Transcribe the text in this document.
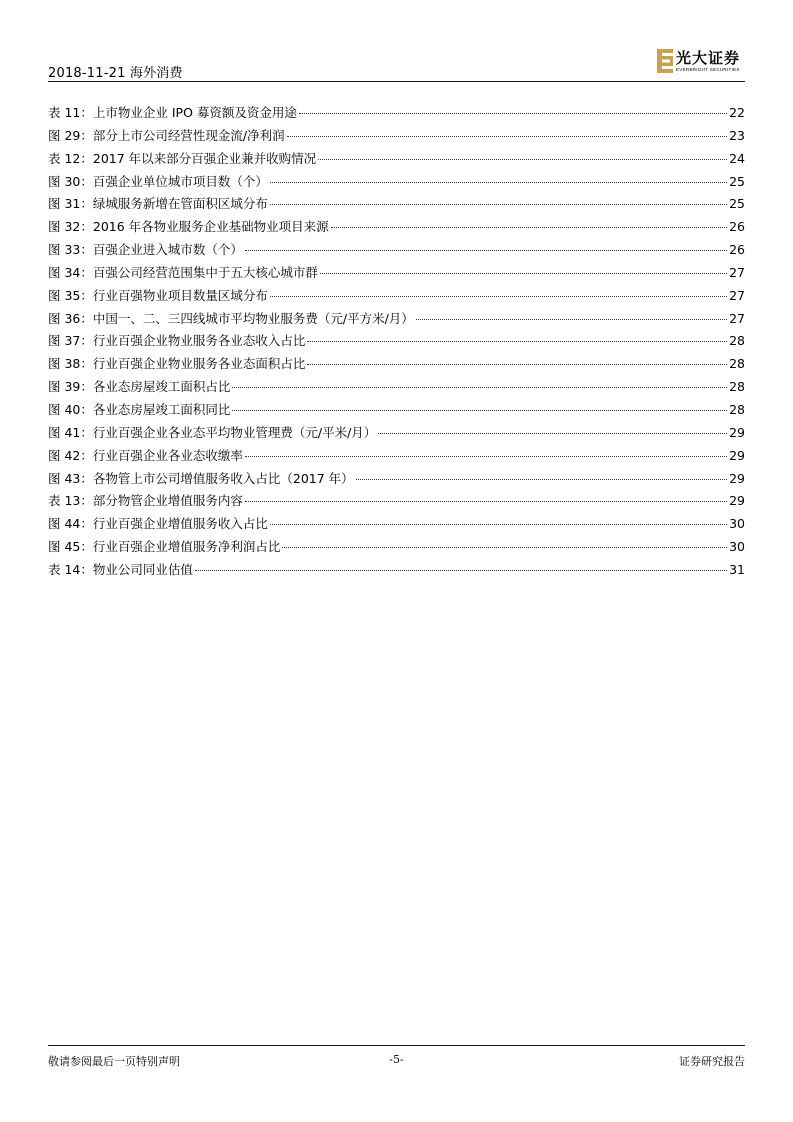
2018-11-21 海外消费
光大证券
EVERBRIGHT SECURITIES
表 11：上市物业企业 IPO 募资额及资金用途	22
图 29：部分上市公司经营性现金流/净利润	23
表 12：2017 年以来部分百强企业兼并收购情况	24
图 30：百强企业单位城市项目数（个）	25
图 31：绿城服务新增在管面积区域分布	25
图 32：2016 年各物业服务企业基础物业项目来源	26
图 33：百强企业进入城市数（个）	26
图 34：百强公司经营范围集中于五大核心城市群	27
图 35：行业百强物业项目数量区域分布	27
图 36：中国一、二、三四线城市平均物业服务费（元/平方米/月）	27
图 37：行业百强企业物业服务各业态收入占比	28
图 38：行业百强企业物业服务各业态面积占比	28
图 39：各业态房屋竣工面积占比	28
图 40：各业态房屋竣工面积同比	28
图 41：行业百强企业各业态平均物业管理费（元/平米/月）	29
图 42：行业百强企业各业态收缴率	29
图 43：各物管上市公司增值服务收入占比（2017 年）	29
表 13：部分物管企业增值服务内容	29
图 44：行业百强企业增值服务收入占比	30
图 45：行业百强企业增值服务净利润占比	30
表 14：物业公司同业估值	31
敬请参阅最后一页特别声明	-5-	证券研究报告
